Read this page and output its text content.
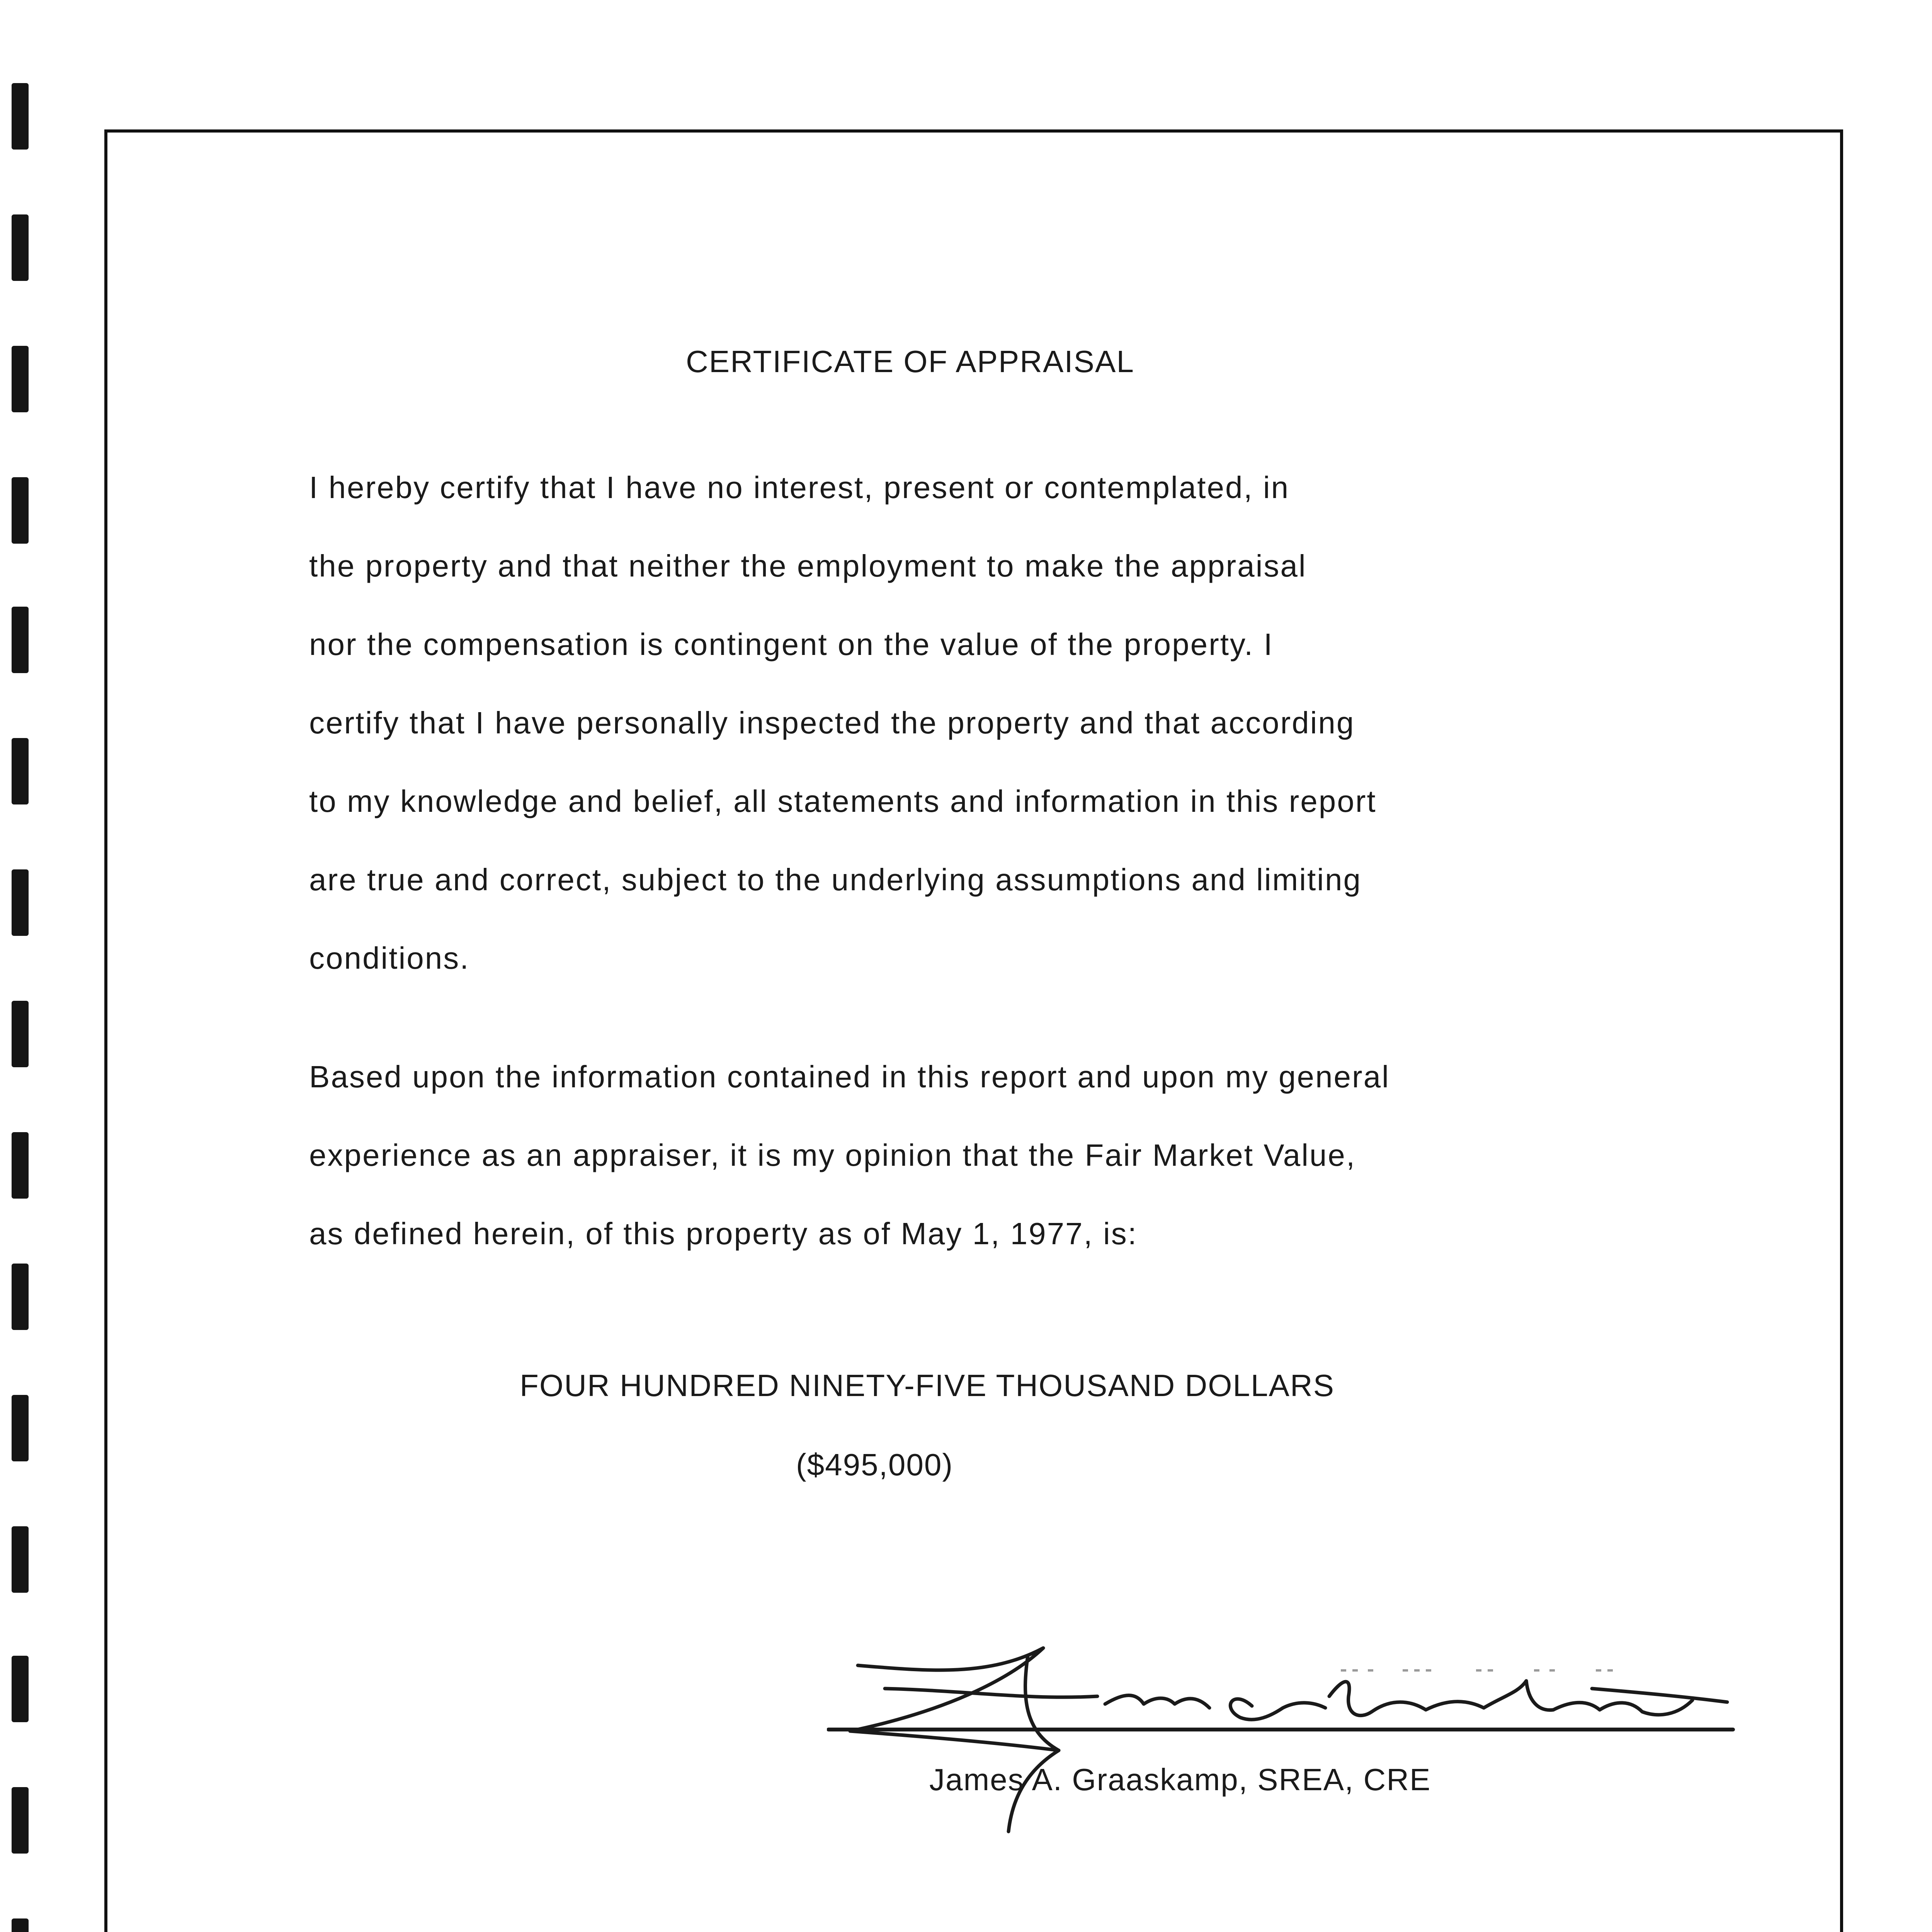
CERTIFICATE OF APPRAISAL
I hereby certify that I have no interest, present or contemplated, in
the property and that neither the employment to make the appraisal
nor the compensation is contingent on the value of the property. I
certify that I have personally inspected the property and that according
to my knowledge and belief, all statements and information in this report
are true and correct, subject to the underlying assumptions and limiting
conditions.
Based upon the information contained in this report and upon my general
experience as an appraiser, it is my opinion that the Fair Market Value,
as defined herein, of this property as of May 1, 1977, is:
FOUR HUNDRED NINETY-FIVE THOUSAND DOLLARS
($495,000)
James A. Graaskamp, SREA, CRE
